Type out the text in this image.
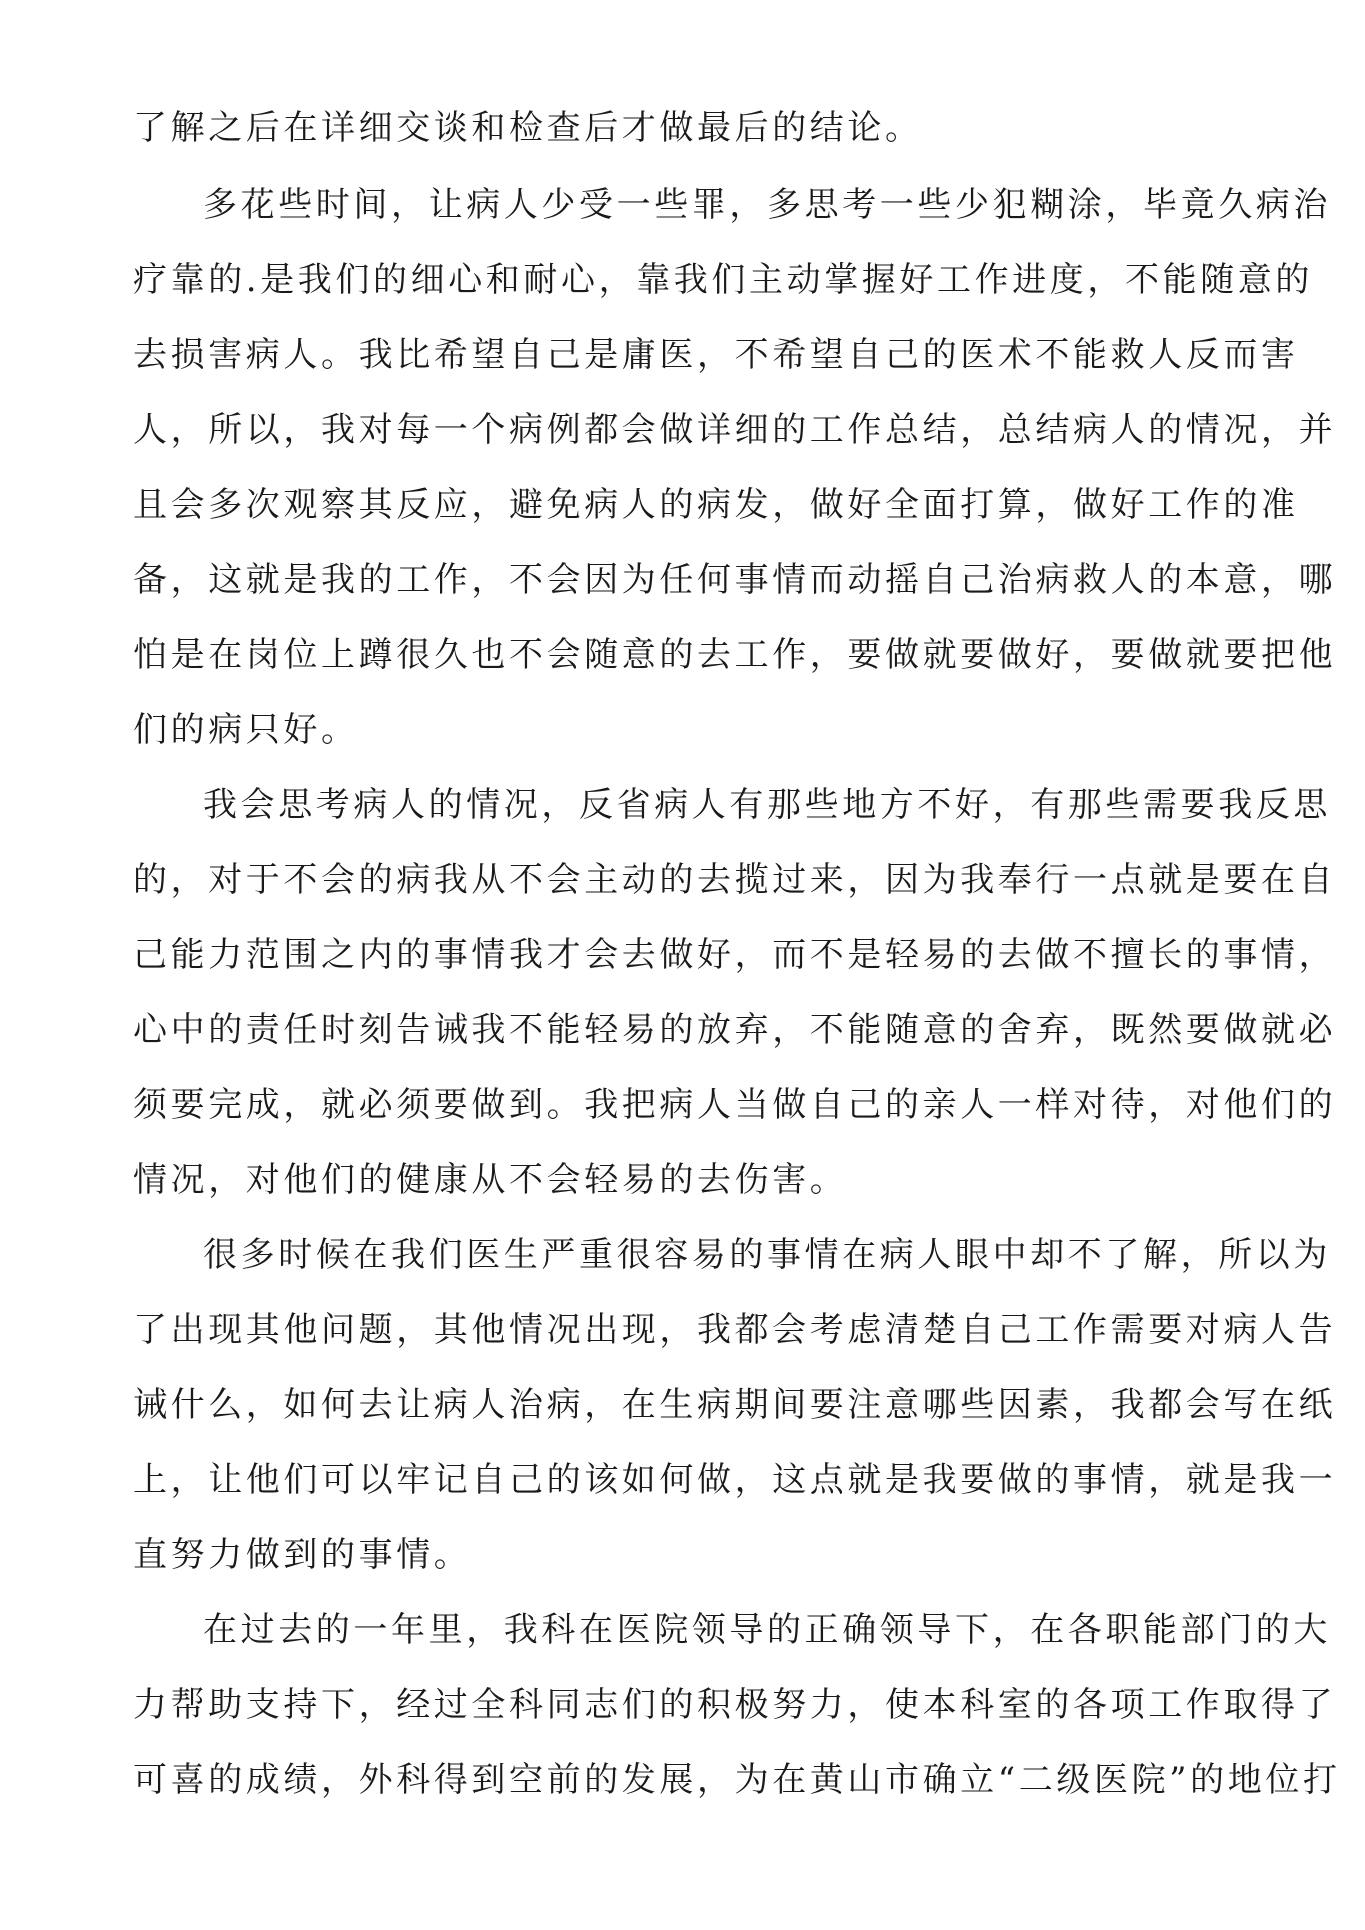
了解之后在详细交谈和检查后才做最后的结论。

多花些时间，让病人少受一些罪，多思考一些少犯糊涂，毕竟久病治

疗靠的.是我们的细心和耐心，靠我们主动掌握好工作进度，不能随意的

去损害病人。我比希望自己是庸医，不希望自己的医术不能救人反而害

人，所以，我对每一个病例都会做详细的工作总结，总结病人的情况，并

且会多次观察其反应，避免病人的病发，做好全面打算，做好工作的准

备，这就是我的工作，不会因为任何事情而动摇自己治病救人的本意，哪

怕是在岗位上蹲很久也不会随意的去工作，要做就要做好，要做就要把他

们的病只好。

我会思考病人的情况，反省病人有那些地方不好，有那些需要我反思

的，对于不会的病我从不会主动的去揽过来，因为我奉行一点就是要在自

己能力范围之内的事情我才会去做好，而不是轻易的去做不擅长的事情，

心中的责任时刻告诫我不能轻易的放弃，不能随意的舍弃，既然要做就必

须要完成，就必须要做到。我把病人当做自己的亲人一样对待，对他们的

情况，对他们的健康从不会轻易的去伤害。

很多时候在我们医生严重很容易的事情在病人眼中却不了解，所以为

了出现其他问题，其他情况出现，我都会考虑清楚自己工作需要对病人告

诫什么，如何去让病人治病，在生病期间要注意哪些因素，我都会写在纸

上，让他们可以牢记自己的该如何做，这点就是我要做的事情，就是我一

直努力做到的事情。

在过去的一年里，我科在医院领导的正确领导下，在各职能部门的大

力帮助支持下，经过全科同志们的积极努力，使本科室的各项工作取得了

可喜的成绩，外科得到空前的发展，为在黄山市确立“二级医院”的地位打
